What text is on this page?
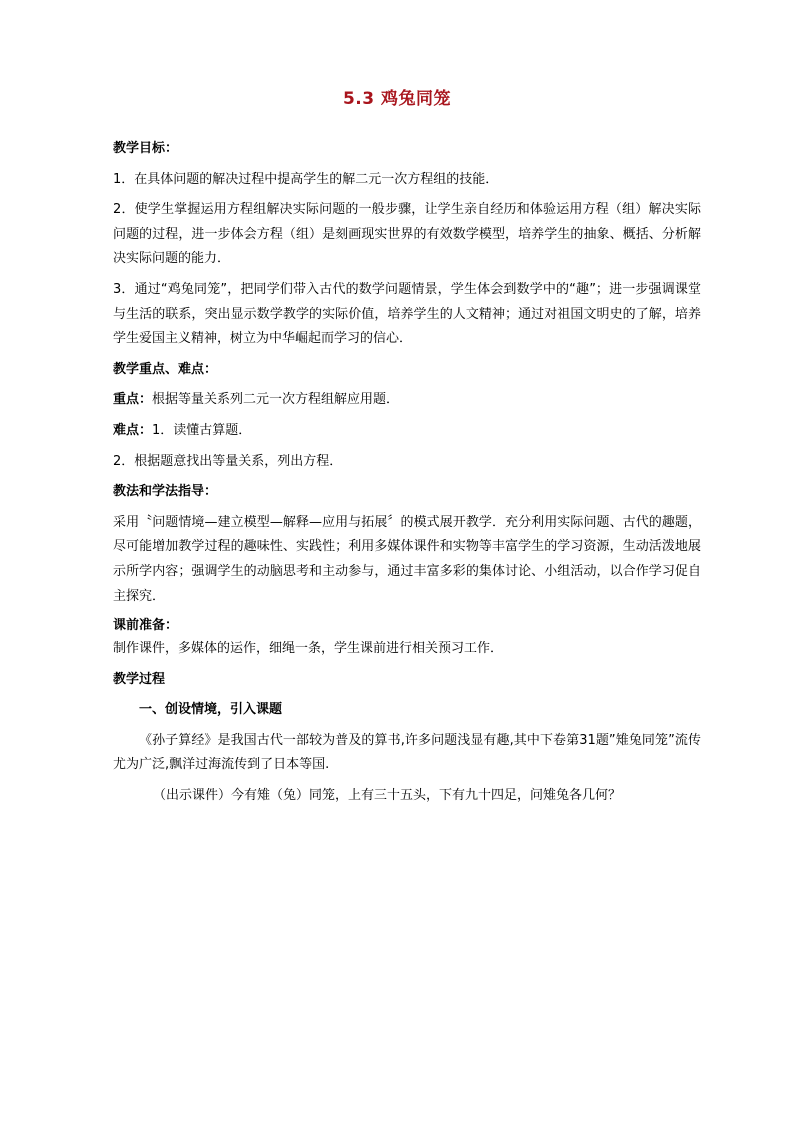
5.3 鸡兔同笼
教学目标：
1．在具体问题的解决过程中提高学生的解二元一次方程组的技能．
2．使学生掌握运用方程组解决实际问题的一般步骤，让学生亲自经历和体验运用方程（组）解决实际问题的过程，进一步体会方程（组）是刻画现实世界的有效数学模型，培养学生的抽象、概括、分析解决实际问题的能力．
3．通过“鸡兔同笼”，把同学们带入古代的数学问题情景，学生体会到数学中的“趣”；进一步强调课堂与生活的联系，突出显示数学教学的实际价值，培养学生的人文精神；通过对祖国文明史的了解，培养学生爱国主义精神，树立为中华崛起而学习的信心．
教学重点、难点：
重点：根据等量关系列二元一次方程组解应用题．
难点：1．读懂古算题．
2．根据题意找出等量关系，列出方程．
教法和学法指导：
采用〝问题情境—建立模型—解释—应用与拓展〞的模式展开教学．充分利用实际问题、古代的趣题，尽可能增加教学过程的趣味性、实践性；利用多媒体课件和实物等丰富学生的学习资源，生动活泼地展示所学内容；强调学生的动脑思考和主动参与，通过丰富多彩的集体讨论、小组活动，以合作学习促自主探究．
课前准备：
制作课件，多媒体的运作，细绳一条，学生课前进行相关预习工作．
教学过程
一、创设情境，引入课题
《孙子算经》是我国古代一部较为普及的算书,许多问题浅显有趣,其中下卷第31题”雉兔同笼”流传尤为广泛,飘洋过海流传到了日本等国.
（出示课件）今有雉（兔）同笼，上有三十五头，下有九十四足，问雉兔各几何？
